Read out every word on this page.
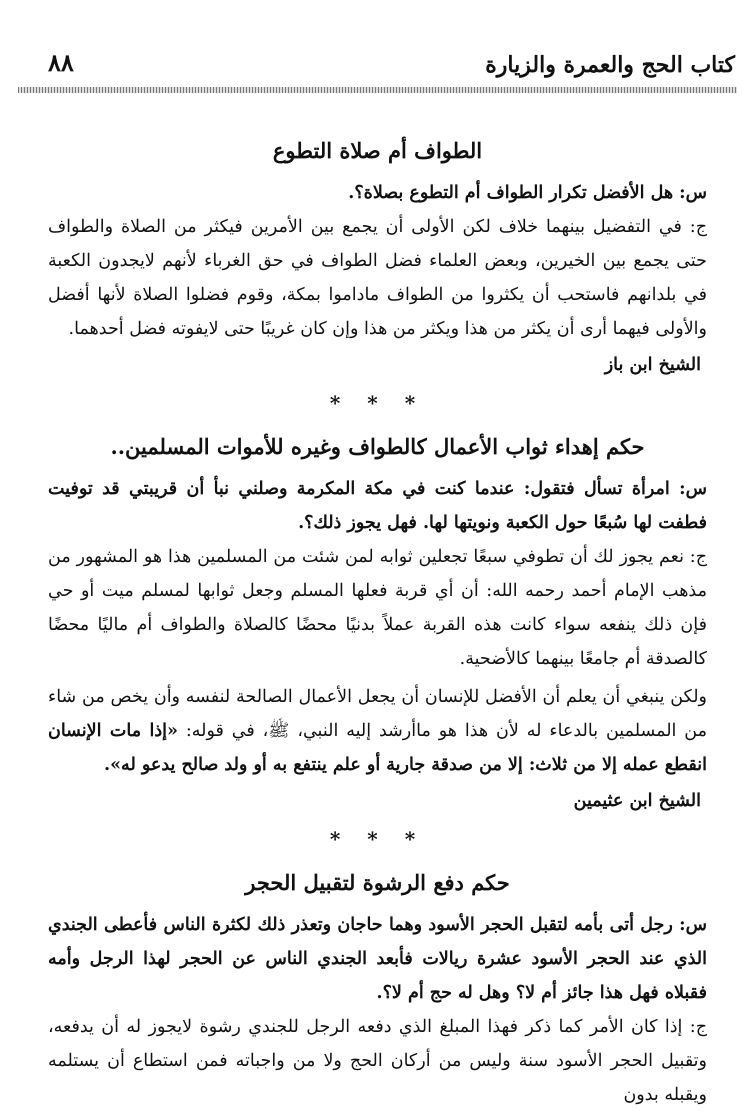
كتاب الحج والعمرة والزيارة
٨٨
الطواف أم صلاة التطوع

س: هل الأفضل تكرار الطواف أم التطوع بصلاة؟.

ج: في التفضيل بينهما خلاف لكن الأولى أن يجمع بين الأمرين فيكثر من الصلاة والطواف حتى يجمع بين الخيرين، وبعض العلماء فضل الطواف في حق الغرباء لأنهم لايجدون الكعبة في بلدانهم فاستحب أن يكثروا من الطواف ماداموا بمكة، وقوم فضلوا الصلاة لأنها أفضل والأولى فيهما أرى أن يكثر من هذا ويكثر من هذا وإن كان غريبًا حتى لايفوته فضل أحدهما.

الشيخ ابن باز

* * *
حكم إهداء ثواب الأعمال كالطواف وغيره للأموات المسلمين..

س: امرأة تسأل فتقول: عندما كنت في مكة المكرمة وصلني نبأ أن قريبتي قد توفيت فطفت لها سُبعًا حول الكعبة ونويتها لها. فهل يجوز ذلك؟.

ج: نعم يجوز لك أن تطوفي سبعًا تجعلين ثوابه لمن شئت من المسلمين هذا هو المشهور من مذهب الإمام أحمد رحمه الله: أن أي قربة فعلها المسلم وجعل ثوابها لمسلم ميت أو حي فإن ذلك ينفعه سواء كانت هذه القربة عملاً بدنيًا محضًا كالصلاة والطواف أم ماليًا محضًا كالصدقة أم جامعًا بينهما كالأضحية.

ولكن ينبغي أن يعلم أن الأفضل للإنسان أن يجعل الأعمال الصالحة لنفسه وأن يخص من شاء من المسلمين بالدعاء له لأن هذا هو ماأرشد إليه النبي، ﷺ، في قوله: «إذا مات الإنسان انقطع عمله إلا من ثلاث: إلا من صدقة جارية أو علم ينتفع به أو ولد صالح يدعو له».

الشيخ ابن عثيمين

* * *
حكم دفع الرشوة لتقبيل الحجر

س: رجل أتى بأمه لتقبل الحجر الأسود وهما حاجان وتعذر ذلك لكثرة الناس فأعطى الجندي الذي عند الحجر الأسود عشرة ريالات فأبعد الجندي الناس عن الحجر لهذا الرجل وأمه فقبلاه فهل هذا جائز أم لا؟ وهل له حج أم لا؟.

ج: إذا كان الأمر كما ذكر فهذا المبلغ الذي دفعه الرجل للجندي رشوة لايجوز له أن يدفعه، وتقبيل الحجر الأسود سنة وليس من أركان الحج ولا من واجباته فمن استطاع أن يستلمه ويقبله بدون
